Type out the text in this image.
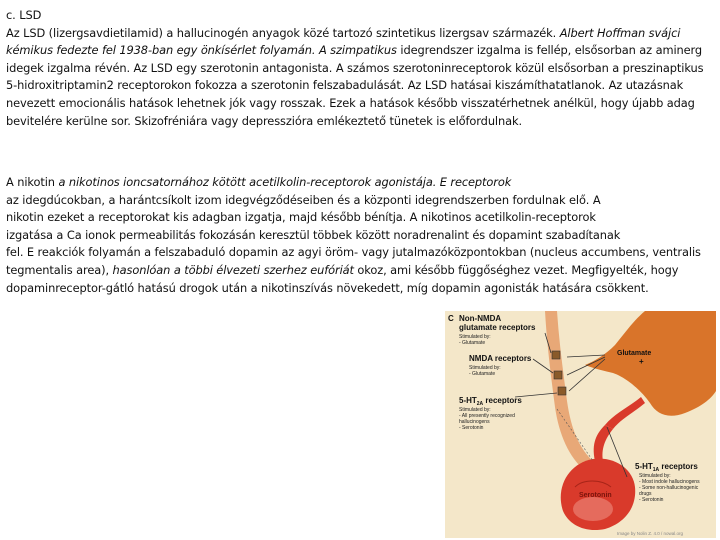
c. LSD
Az LSD (lizergsavdietilamid) a hallucinogén anyagok közé tartozó szintetikus lizergsav származék. Albert Hoffman svájci
kémikus fedezte fel 1938-ban egy önkísérlet folyamán. A szimpatikus idegrendszer izgalma is fellép, elsősorban az aminerg
idegek izgalma révén. Az LSD egy szerotonin antagonista. A számos szerotoninreceptorok közül elsősorban a preszinaptikus
5-hidroxitriptamin2 receptorokon fokozza a szerotonin felszabadulását. Az LSD hatásai kiszámíthatatlanok. Az utazásnak
nevezett emocionális hatások lehetnek jók vagy rosszak. Ezek a hatások később visszatérhetnek anélkül, hogy újabb adag
bevitelére kerülne sor. Skizofréniára vagy depresszióra emlékeztető tünetek is előfordulnak.
A nikotin a nikotinos ioncsatornához kötött acetilkolin-receptorok agonistája. E receptorok
az idegdúcokban, a harántcsíkolt izom idegvégződéseiben és a központi idegrendszerben fordulnak elő. A
nikotin ezeket a receptorokat kis adagban izgatja, majd később bénítja. A nikotinos acetilkolin-receptorok
izgatása a Ca ionok permeabilitás fokozásán keresztül többek között noradrenalint és dopamint szabadítanak
fel. E reakciók folyamán a felszabaduló dopamin az agyi öröm- vagy jutalmazóközpontokban (nucleus accumbens, ventralis
tegmentalis area), hasonlóan a többi élvezeti szerhez eufóriát okoz, ami később függőséghez vezet. Megfigyelték, hogy
dopaminreceptor-gátló hatású drogok után a nikotinszívás növekedett, míg dopamin agonisták hatására csökkent.
C Non-NMDA
glutamate receptors
Stimulated by:
- Glutamate
NMDA receptors
Stimulated by:
- Glutamate
Glutamate
+
$5-HT_{2A}$ receptors
Stimulated by:
- All presently recognized
hallucinogens
- Serotonin
$5-HT_{1A}$ receptors
Stimulated by:
- Most indole hallucinogens
- Some non-hallucinogenic
drugs
- Serotonin
Serotonin
Image by Nolin Z. 4.0 / nowal.org
